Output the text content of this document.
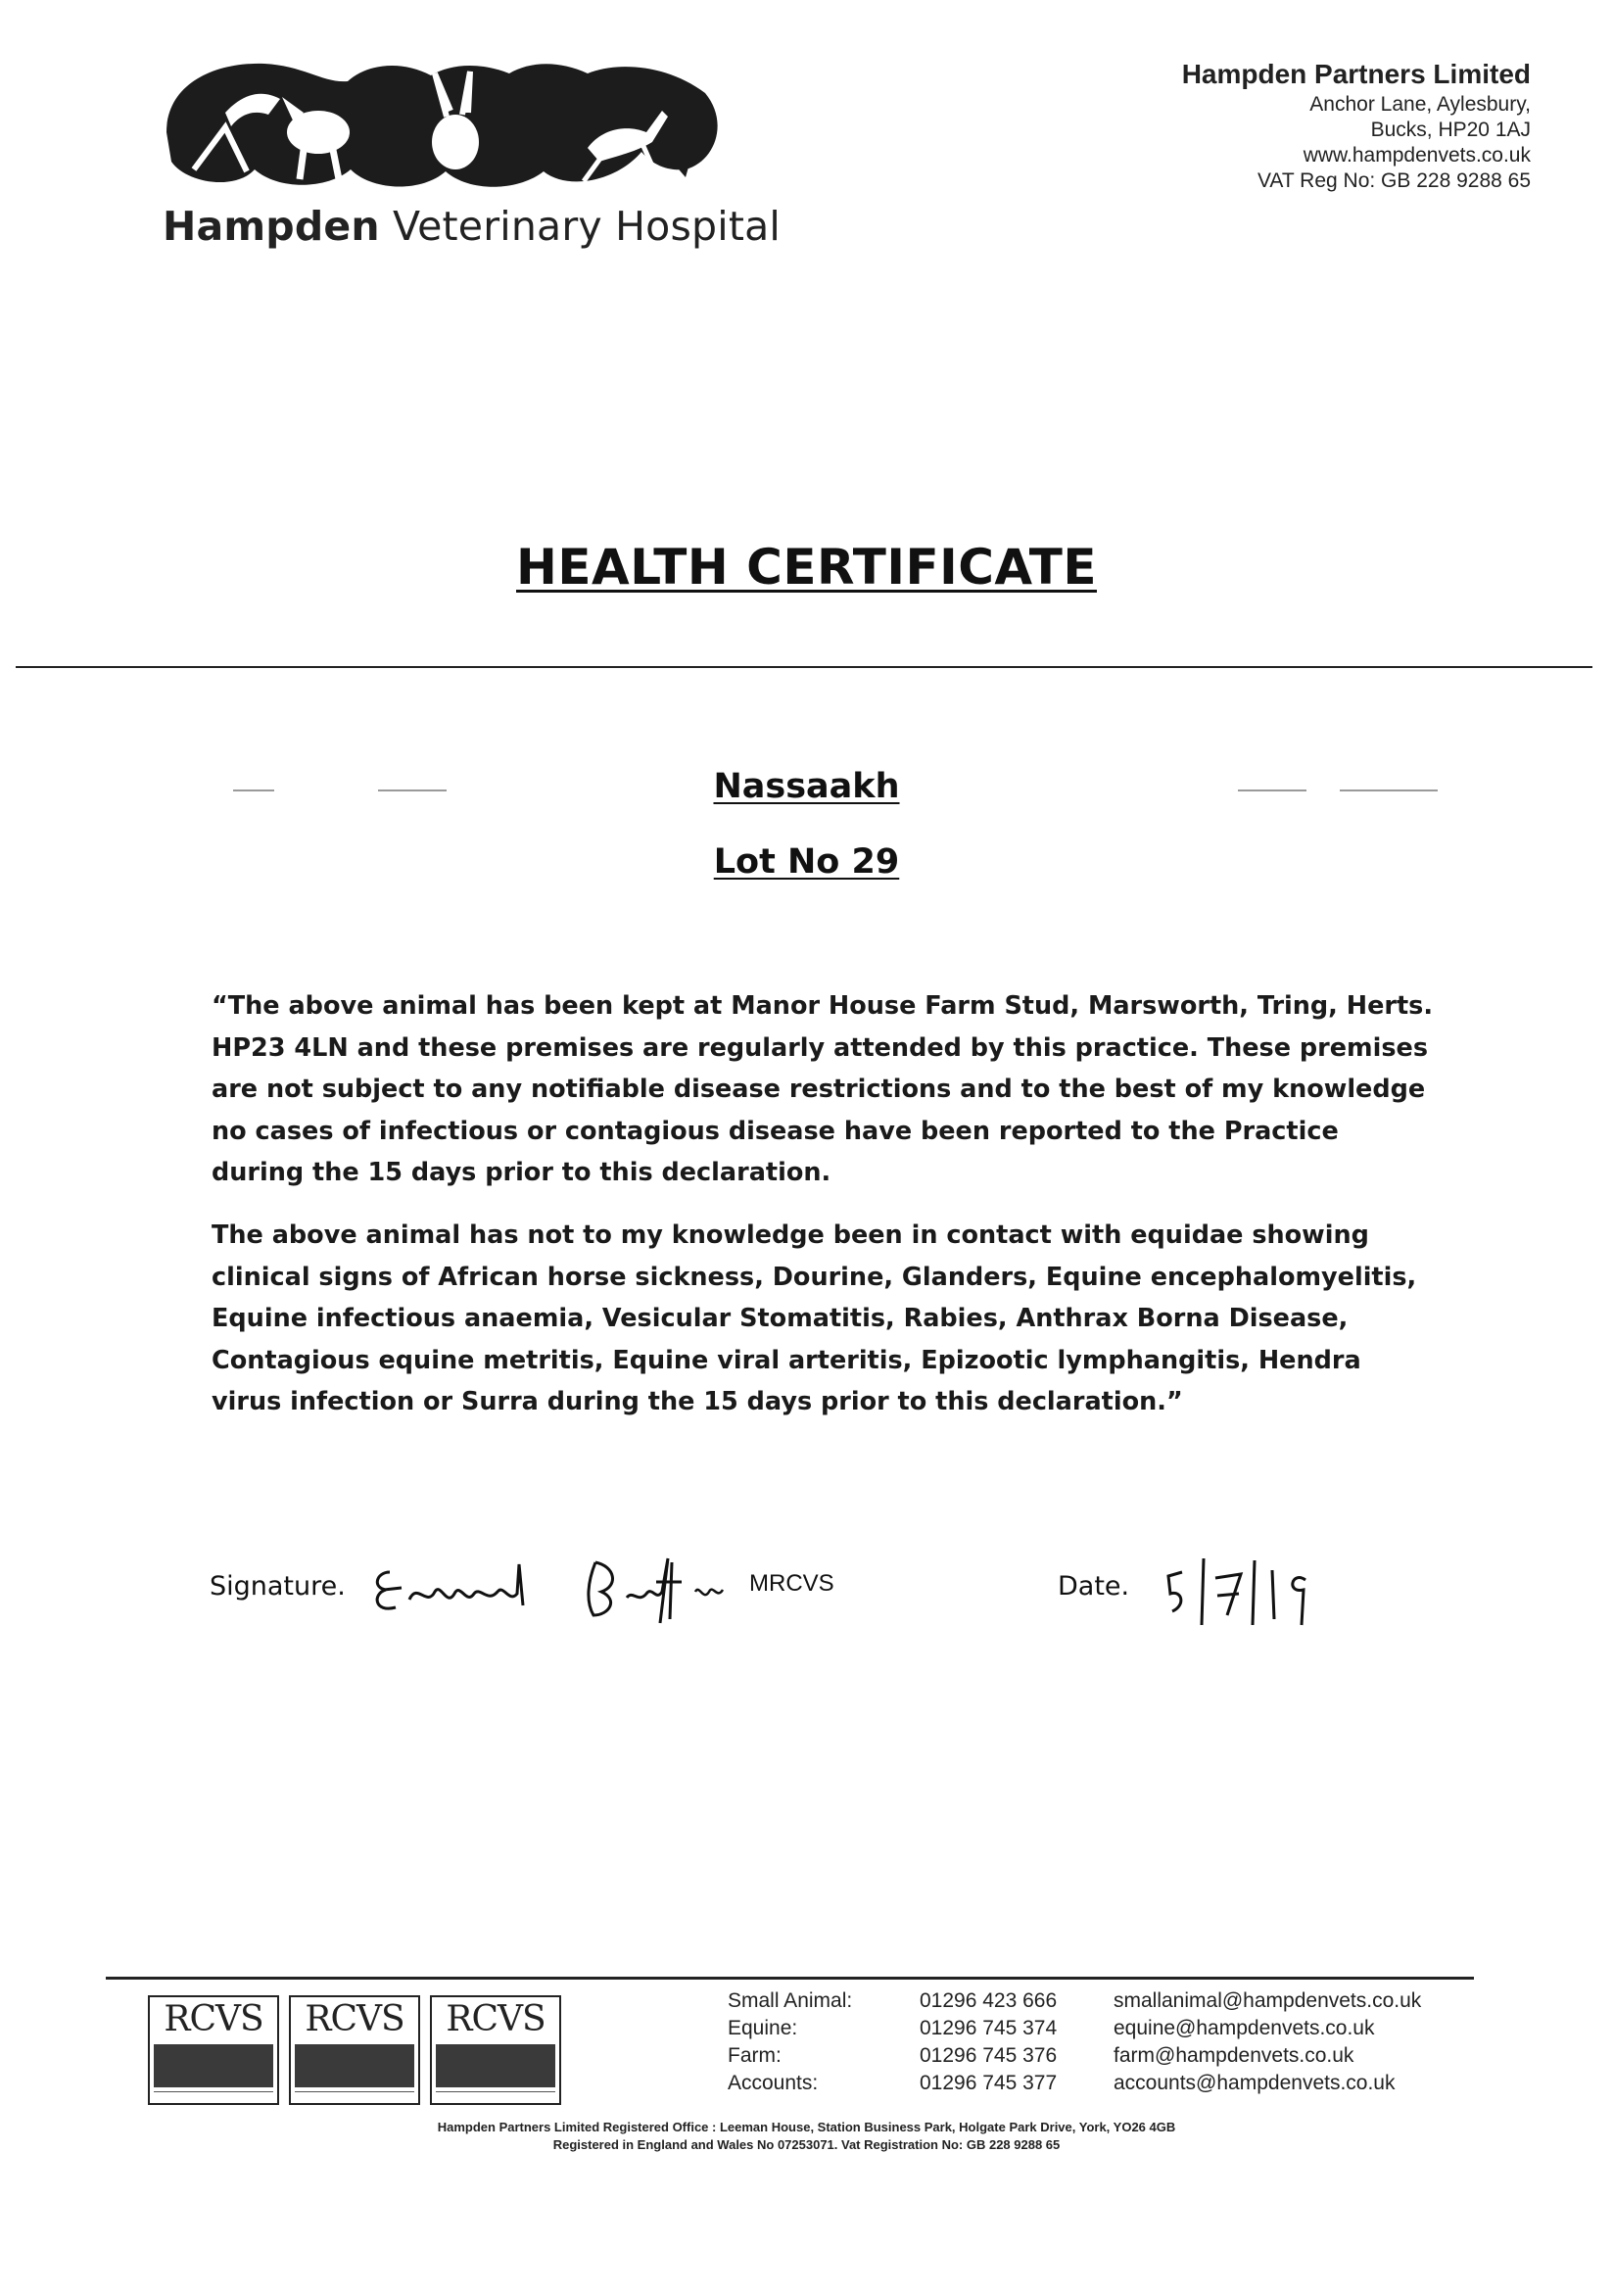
Hampden Veterinary Hospital
Hampden Partners Limited
Anchor Lane, Aylesbury,
Bucks, HP20 1AJ
www.hampdenvets.co.uk
VAT Reg No: GB 228 9288 65
HEALTH CERTIFICATE
Nassaakh
Lot No 29
“The above animal has been kept at Manor House Farm Stud, Marsworth, Tring, Herts. HP23 4LN and these premises are regularly attended by this practice. These premises are not subject to any notifiable disease restrictions and to the best of my knowledge no cases of infectious or contagious disease have been reported to the Practice during the 15 days prior to this declaration.
The above animal has not to my knowledge been in contact with equidae showing clinical signs of African horse sickness, Dourine, Glanders, Equine encephalomyelitis, Equine infectious anaemia, Vesicular Stomatitis, Rabies, Anthrax Borna Disease, Contagious equine metritis, Equine viral arteritis, Epizootic lymphangitis, Hendra virus infection or Surra during the 15 days prior to this declaration.”
Signature.	MRCVS	Date.
RCVS	RCVS	RCVS	Small Animal:	01296 423 666	smallanimal@hampdenvets.co.uk
Equine:	01296 745 374	equine@hampdenvets.co.uk
Farm:	01296 745 376	farm@hampdenvets.co.uk
Accounts:	01296 745 377	accounts@hampdenvets.co.uk
Hampden Partners Limited Registered Office : Leeman House, Station Business Park, Holgate Park Drive, York, YO26 4GB
Registered in England and Wales No 07253071. Vat Registration No: GB 228 9288 65
